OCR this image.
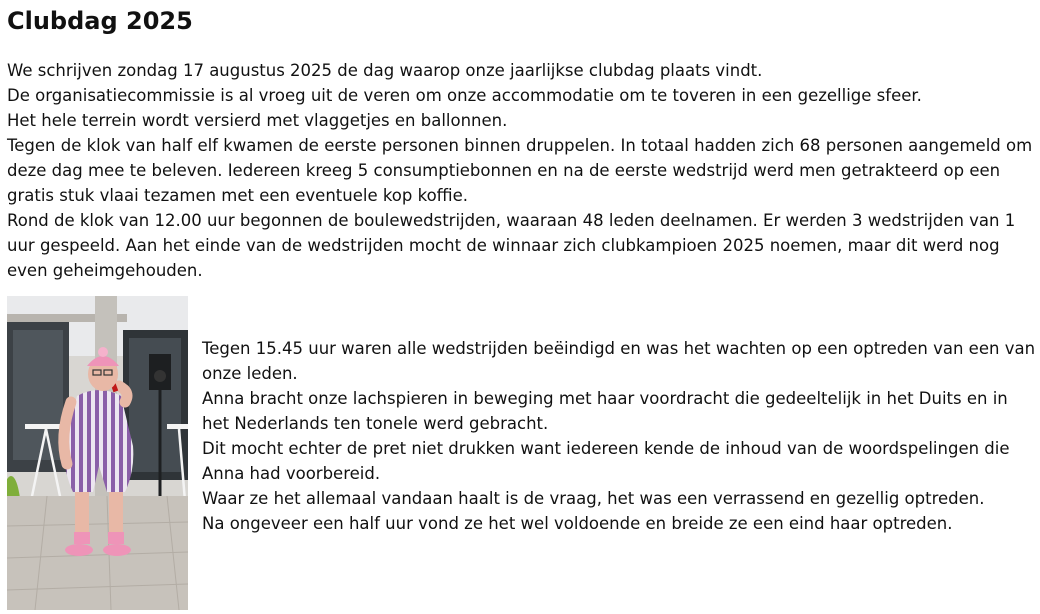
Clubdag 2025

We schrijven zondag 17 augustus 2025 de dag waarop onze jaarlijkse clubdag plaats vindt.

De organisatiecommissie is al vroeg uit de veren om onze accommodatie om te toveren in een gezellige sfeer.

Het hele terrein wordt versierd met vlaggetjes en ballonnen.

Tegen de klok van half elf kwamen de eerste personen binnen druppelen. In totaal hadden zich 68 personen aangemeld om deze dag mee te beleven. Iedereen kreeg 5 consumptiebonnen en na de eerste wedstrijd werd men getrakteerd op een gratis stuk vlaai tezamen met een eventuele kop koffie.

Rond de klok van 12.00 uur begonnen de boulewedstrijden, waaraan 48 leden deelnamen. Er werden 3 wedstrijden van 1 uur gespeeld. Aan het einde van de wedstrijden mocht de winnaar zich clubkampioen 2025 noemen, maar dit werd nog even geheimgehouden.

Tegen 15.45 uur waren alle wedstrijden beëindigd en was het wachten op een optreden van een van onze leden.

Anna bracht onze lachspieren in beweging met haar voordracht die gedeeltelijk in het Duits en in het Nederlands ten tonele werd gebracht.

Dit mocht echter de pret niet drukken want iedereen kende de inhoud van de woordspelingen die Anna had voorbereid.

Waar ze het allemaal vandaan haalt is de vraag, het was een verrassend en gezellig optreden.

Na ongeveer een half uur vond ze het wel voldoende en breide ze een eind haar optreden.
